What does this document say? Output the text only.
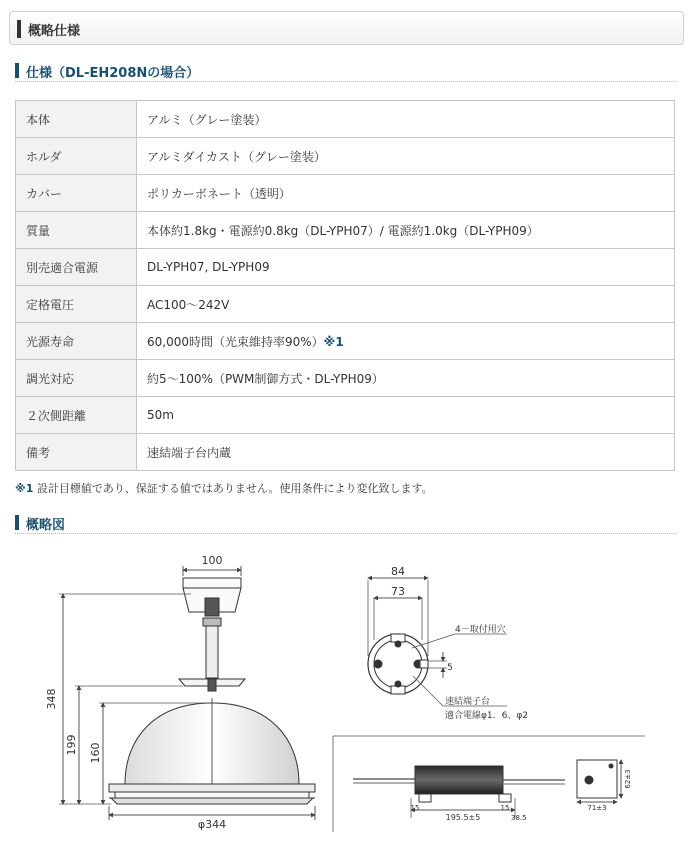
概略仕様
仕様（DL-EH208Nの場合）
本体	アルミ（グレー塗装）
ホルダ	アルミダイカスト（グレー塗装）
カバー	ポリカーボネート（透明）
質量	本体約1.8kg・電源約0.8kg（DL-YPH07）/ 電源約1.0kg（DL-YPH09）
別売適合電源	DL-YPH07, DL-YPH09
定格電圧	AC100～242V
光源寿命	60,000時間（光束維持率90%）※1
調光対応	約5～100%（PWM制御方式・DL-YPH09）
２次側距離	50m
備考	速結端子台内蔵
※1 設計目標値であり、保証する値ではありません。使用条件により変化致します。
概略図
100
φ344
348
199 160
84
73
4－取付用穴
5
速結端子台
適合電線φ1．6、φ2
15
195.5±5
15
38.5
71±3
62±3
